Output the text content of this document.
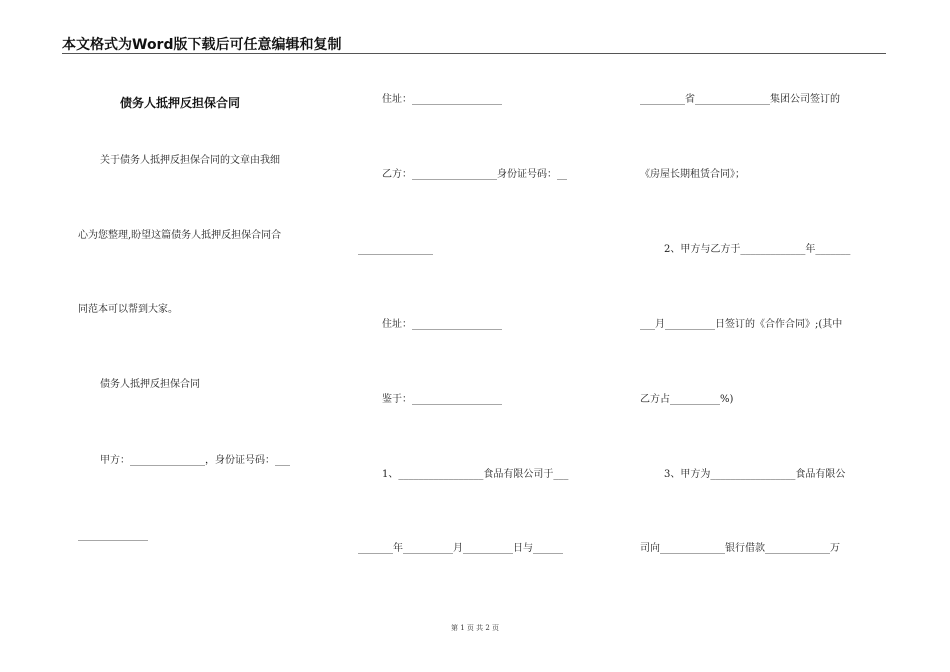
本文格式为Word版下载后可任意编辑和复制
债务人抵押反担保合同
关于债务人抵押反担保合同的文章由我细
心为您整理,盼望这篇债务人抵押反担保合同合
同范本可以帮到大家。
债务人抵押反担保合同
甲方：_______________，身份证号码：___
______________
住址：__________________
乙方：_________________身份证号码：__
_______________
住址：__________________
鉴于：__________________
1、_________________食品有限公司于___
_______年__________月__________日与______
_________省_______________集团公司签订的
《房屋长期租赁合同》；
2、甲方与乙方于_____________年_______
___月__________日签订的《合作合同》;(其中
乙方占__________%)
3、甲方为_________________食品有限公
司向_____________银行借款_____________万
第 1 页 共 2 页
